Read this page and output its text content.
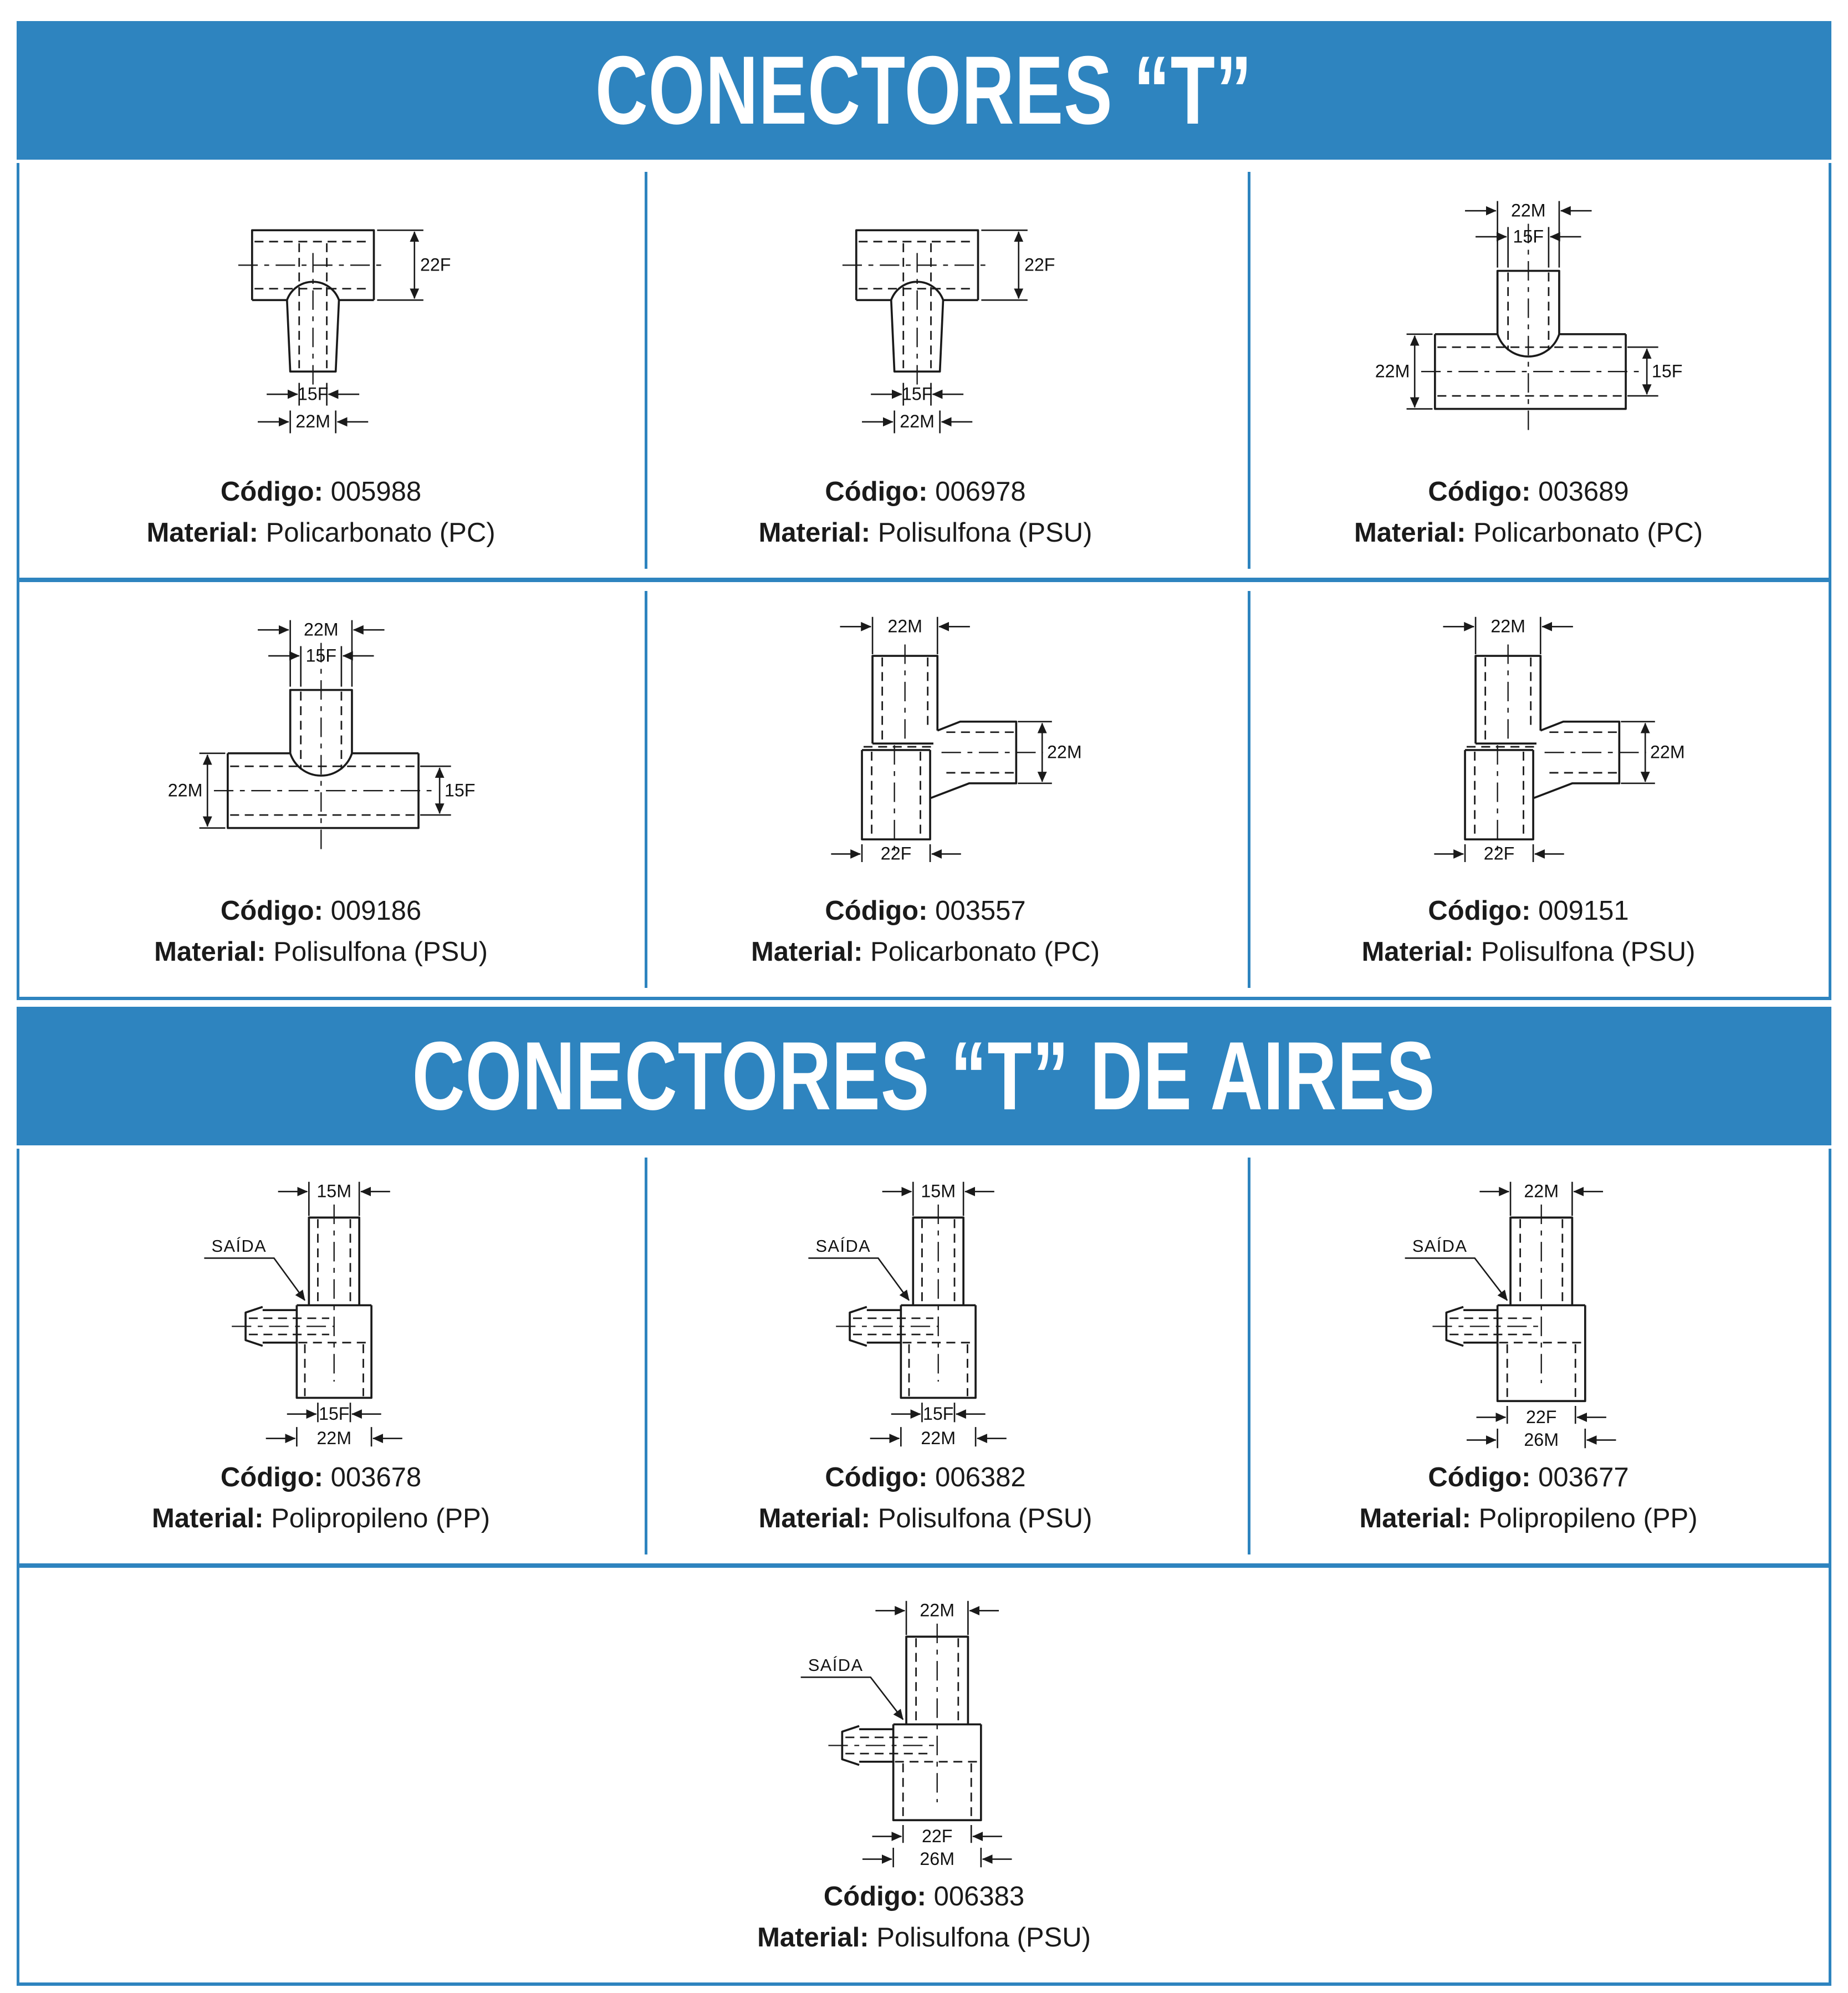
CONECTORES “T”
22F
15F
22M

Código: 005988

Material: Policarbonato (PC)

22F
15F
22M

Código: 006978

Material: Polisulfona (PSU)

22M
15F
22M	15F

Código: 003689

Material: Policarbonato (PC)

22M
15F
22M	15F

Código: 009186

Material: Polisulfona (PSU)

22M
22M
22F

Código: 003557

Material: Policarbonato (PC)

22M
22M
22F

Código: 009151

Material: Polisulfona (PSU)

CONECTORES “T” DE AIRES
SAÍDA
15M
15F
22M

Código: 003678

Material: Polipropileno (PP)

SAÍDA
15M
15F
22M

Código: 006382

Material: Polisulfona (PSU)

SAÍDA
22M
22F
26M

Código: 003677

Material: Polipropileno (PP)

SAÍDA
22M
22F
26M

Código: 006383

Material: Polisulfona (PSU)
